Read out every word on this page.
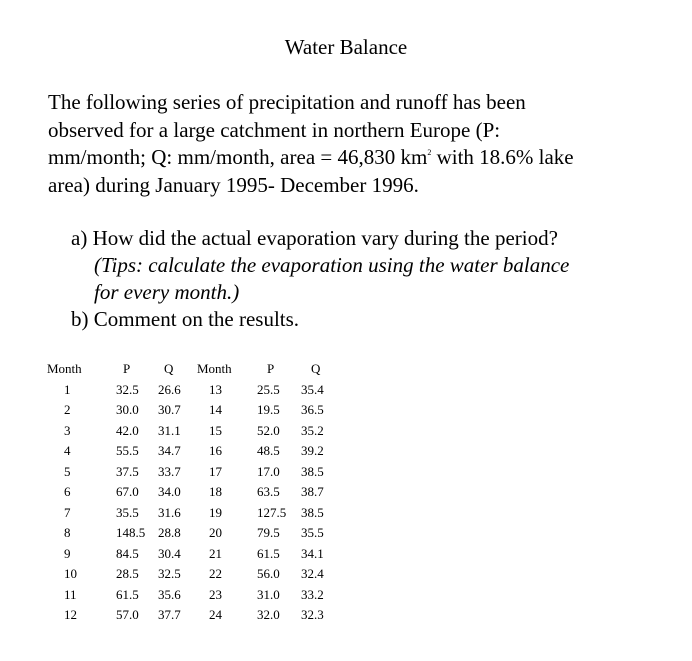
Water Balance
The following series of precipitation and runoff has been
observed for a large catchment in northern Europe (P:
mm/month; Q: mm/month, area = 46,830 $km^2$ with 18.6% lake
area) during January 1995- December 1996.
a) How did the actual evaporation vary during the period?
(Tips: calculate the evaporation using the water balance
for every month.)
b) Comment on the results.
Month	P	Q	Month	P	Q
1	32.5	26.6	13	25.5	35.4
2	30.0	30.7	14	19.5	36.5
3	42.0	31.1	15	52.0	35.2
4	55.5	34.7	16	48.5	39.2
5	37.5	33.7	17	17.0	38.5
6	67.0	34.0	18	63.5	38.7
7	35.5	31.6	19	127.5	38.5
8	148.5	28.8	20	79.5	35.5
9	84.5	30.4	21	61.5	34.1
10	28.5	32.5	22	56.0	32.4
11	61.5	35.6	23	31.0	33.2
12	57.0	37.7	24	32.0	32.3
